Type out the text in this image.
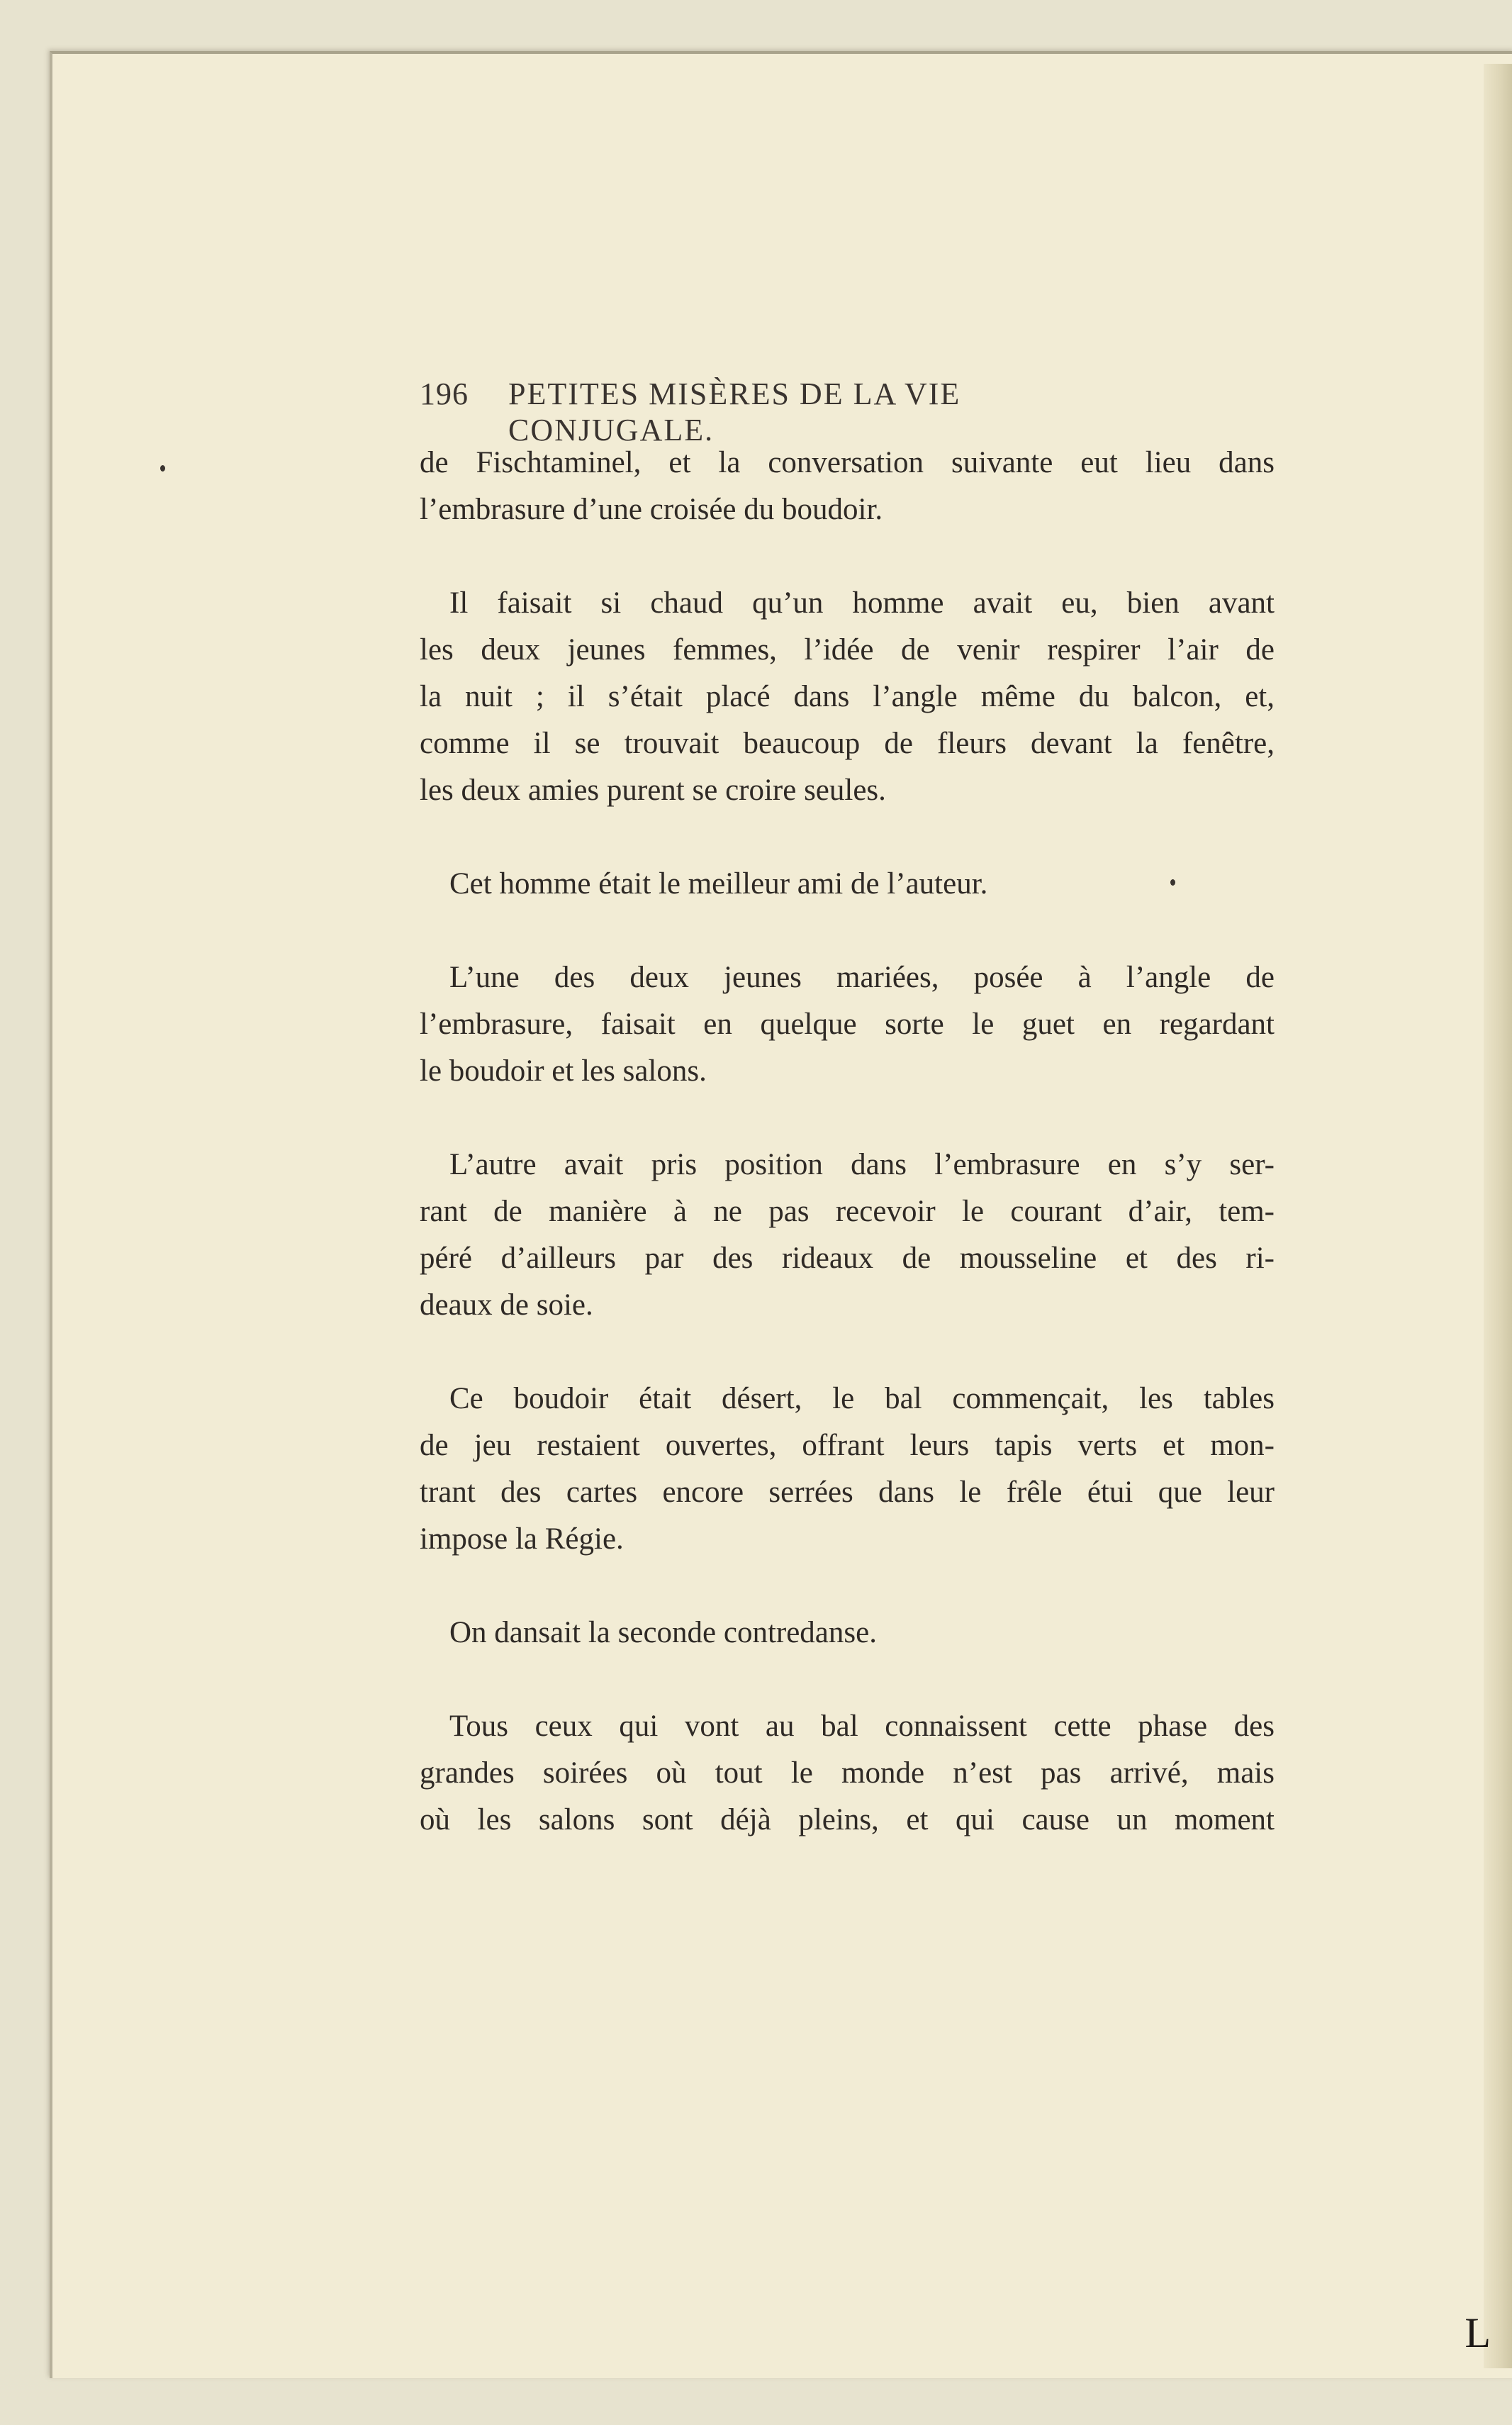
196 PETITES MISÈRES DE LA VIE CONJUGALE.
de Fischtaminel, et la conversation suivante eut lieu dans
l’embrasure d’une croisée du boudoir.
Il faisait si chaud qu’un homme avait eu, bien avant
les deux jeunes femmes, l’idée de venir respirer l’air de
la nuit ; il s’était placé dans l’angle même du balcon, et,
comme il se trouvait beaucoup de fleurs devant la fenêtre,
les deux amies purent se croire seules.
Cet homme était le meilleur ami de l’auteur.
L’une des deux jeunes mariées, posée à l’angle de
l’embrasure, faisait en quelque sorte le guet en regardant
le boudoir et les salons.
L’autre avait pris position dans l’embrasure en s’y ser-
rant de manière à ne pas recevoir le courant d’air, tem-
péré d’ailleurs par des rideaux de mousseline et des ri-
deaux de soie.
Ce boudoir était désert, le bal commençait, les tables
de jeu restaient ouvertes, offrant leurs tapis verts et mon-
trant des cartes encore serrées dans le frêle étui que leur
impose la Régie.
On dansait la seconde contredanse.
Tous ceux qui vont au bal connaissent cette phase des
grandes soirées où tout le monde n’est pas arrivé, mais
où les salons sont déjà pleins, et qui cause un moment
L
